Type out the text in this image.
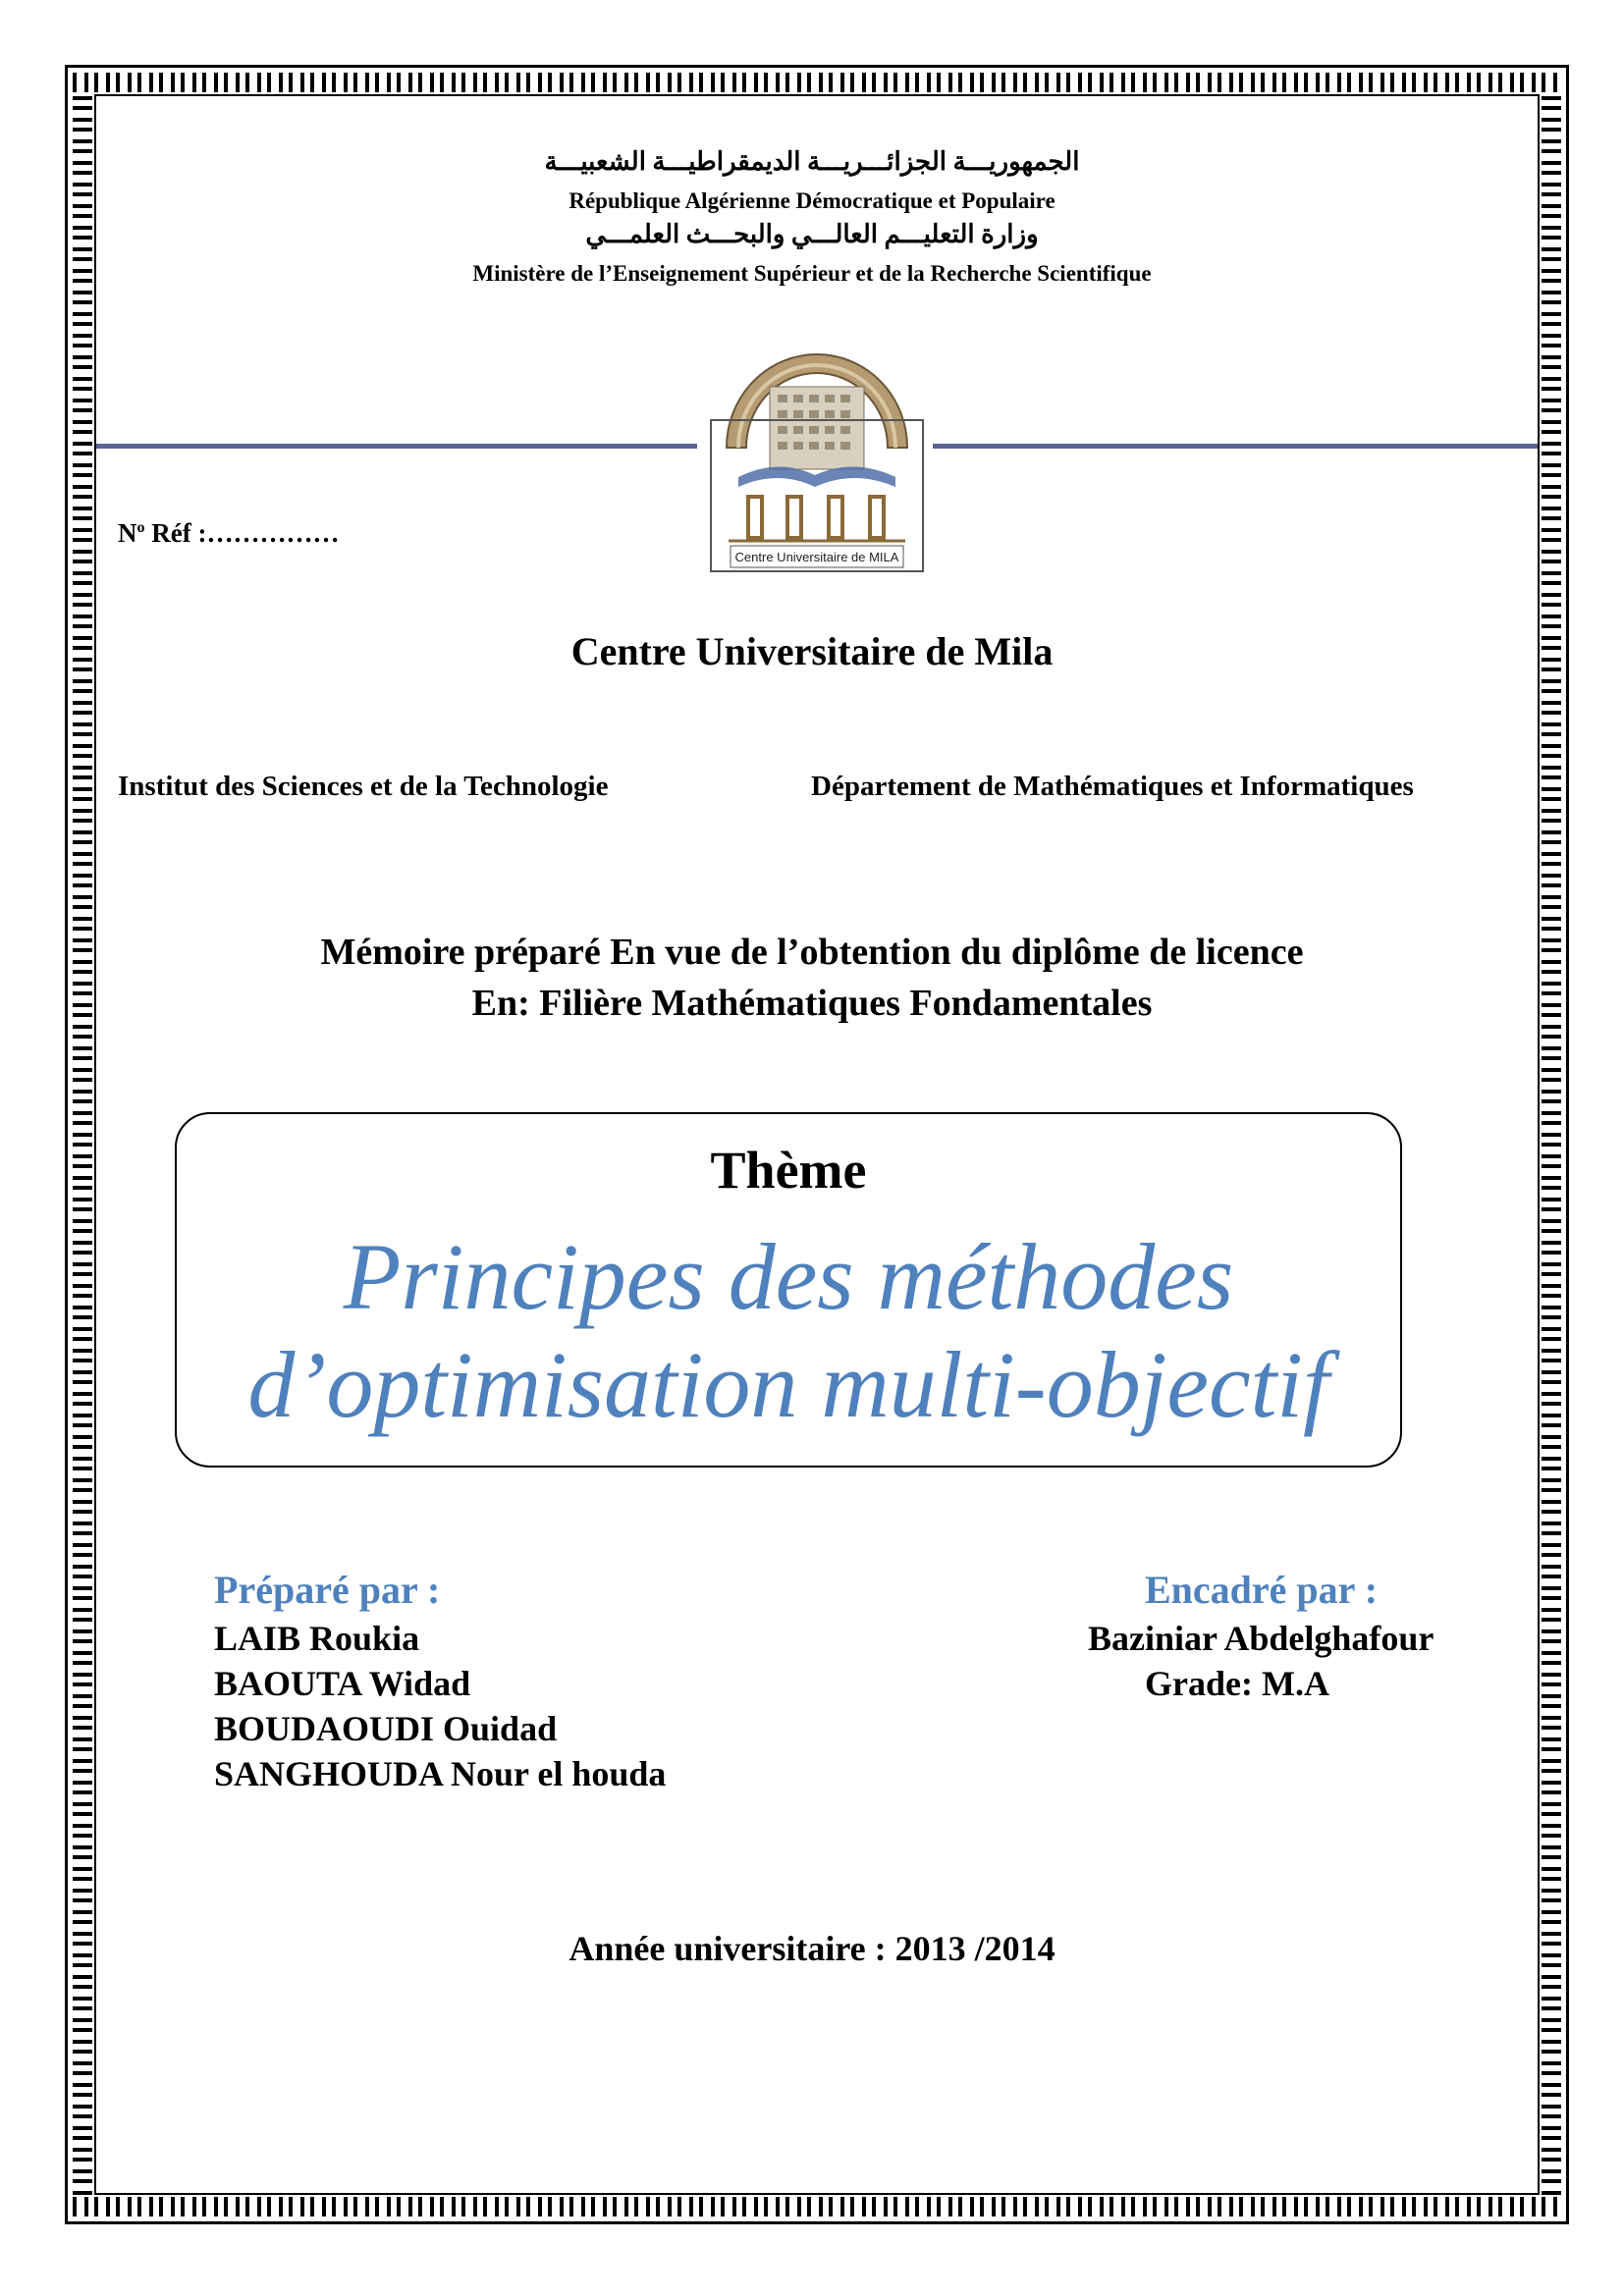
الجمهوريـــة الجزائـــريـــة الديمقراطيـــة الشعبيـــة
République Algérienne Démocratique et Populaire
وزارة التعليـــم العالـــي والبحـــث العلمـــي
Ministère de l’Enseignement Supérieur et de la Recherche Scientifique
Centre Universitaire de MILA
$N^o$ Réf :……………
Centre Universitaire de Mila
Institut des Sciences et de la Technologie	Département de Mathématiques et Informatiques
Mémoire préparé En vue de l’obtention du diplôme de licence
En: Filière Mathématiques Fondamentales
Thème
Principes des méthodes
d’optimisation multi-objectif
Préparé par :
LAIB Roukia
BAOUTA Widad
BOUDAOUDI Ouidad
SANGHOUDA Nour el houda
Encadré par :
Baziniar Abdelghafour
Grade: M.A
Année universitaire : 2013 /2014
